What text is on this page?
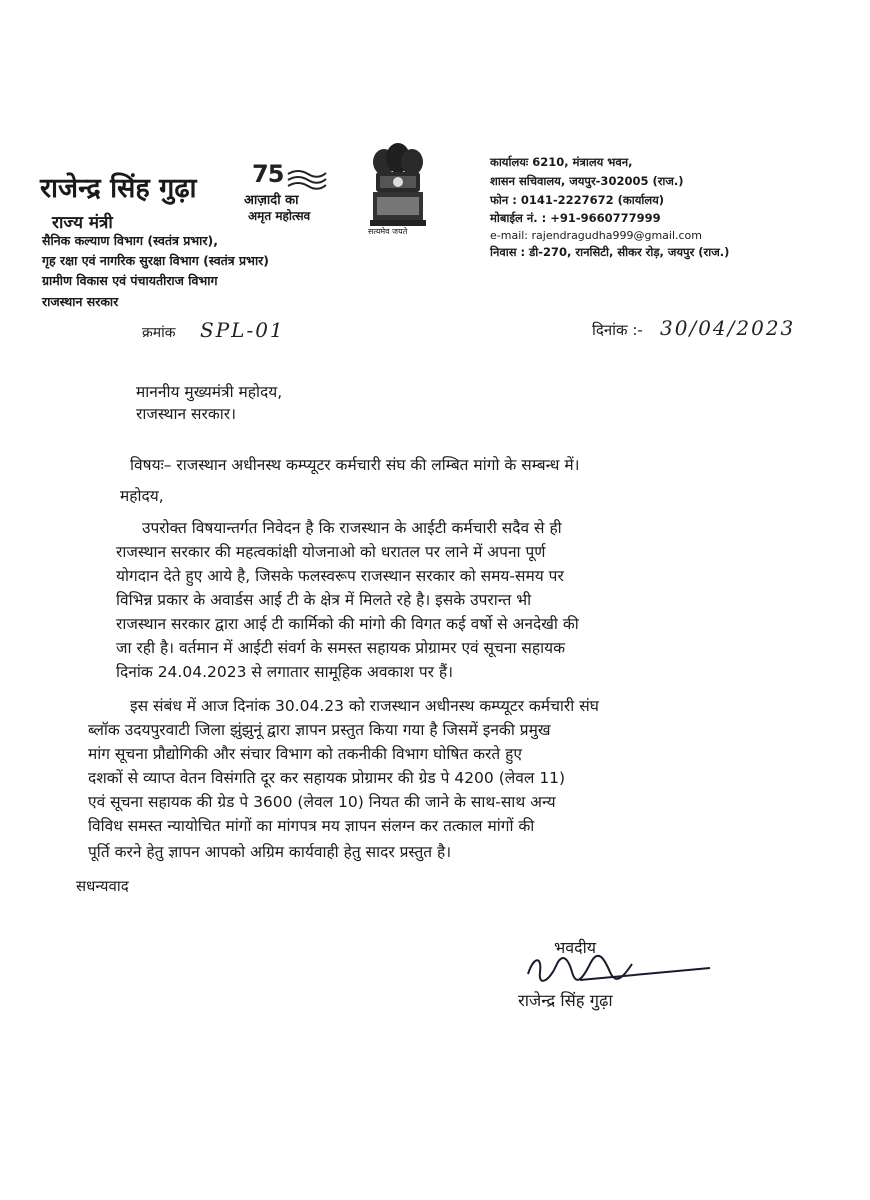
राजेन्द्र सिंह गुढ़ा
राज्य मंत्री
सैनिक कल्याण विभाग (स्वतंत्र प्रभार),
गृह रक्षा एवं नागरिक सुरक्षा विभाग (स्वतंत्र प्रभार)
ग्रामीण विकास एवं पंचायतीराज विभाग
राजस्थान सरकार
75
आज़ादी का
अमृत महोत्सव
सत्यमेव जयते
कार्यालयः 6210, मंत्रालय भवन,
शासन सचिवालय, जयपुर-302005 (राज.)
फोन : 0141-2227672 (कार्यालय)
मोबाईल नं. : +91-9660777999
e-mail: rajendragudha999@gmail.com
निवास : डी-270, रानसिटी, सीकर रोड़, जयपुर (राज.)
क्रमांक SPL-01	दिनांक :- 30/04/2023
माननीय मुख्यमंत्री महोदय,
राजस्थान सरकार।
विषयः– राजस्थान अधीनस्थ कम्प्यूटर कर्मचारी संघ की लम्बित मांगो के सम्बन्ध में।
महोदय,
उपरोक्त विषयान्तर्गत निवेदन है कि राजस्थान के आईटी कर्मचारी सदैव से ही
राजस्थान सरकार की महत्वकांक्षी योजनाओ को धरातल पर लाने में अपना पूर्ण
योगदान देते हुए आये है, जिसके फलस्वरूप राजस्थान सरकार को समय-समय पर
विभिन्न प्रकार के अवार्डस आई टी के क्षेत्र में मिलते रहे है। इसके उपरान्त भी
राजस्थान सरकार द्वारा आई टी कार्मिको की मांगो की विगत कई वर्षो से अनदेखी की
जा रही है। वर्तमान में आईटी संवर्ग के समस्त सहायक प्रोग्रामर एवं सूचना सहायक
दिनांक 24.04.2023 से लगातार सामूहिक अवकाश पर हैं।
इस संबंध में आज दिनांक 30.04.23 को राजस्थान अधीनस्थ कम्प्यूटर कर्मचारी संघ
ब्लॉक उदयपुरवाटी जिला झुंझुनूं द्वारा ज्ञापन प्रस्तुत किया गया है जिसमें इनकी प्रमुख
मांग सूचना प्रौद्योगिकी और संचार विभाग को तकनीकी विभाग घोषित करते हुए
दशकों से व्याप्त वेतन विसंगति दूर कर सहायक प्रोग्रामर की ग्रेड पे 4200 (लेवल 11)
एवं सूचना सहायक की ग्रेड पे 3600 (लेवल 10) नियत की जाने के साथ-साथ अन्य
विविध समस्त न्यायोचित मांगों का मांगपत्र मय ज्ञापन संलग्न कर तत्काल मांगों की
पूर्ति करने हेतु ज्ञापन आपको अग्रिम कार्यवाही हेतु सादर प्रस्तुत है।
सधन्यवाद
भवदीय
राजेन्द्र सिंह गुढ़ा
